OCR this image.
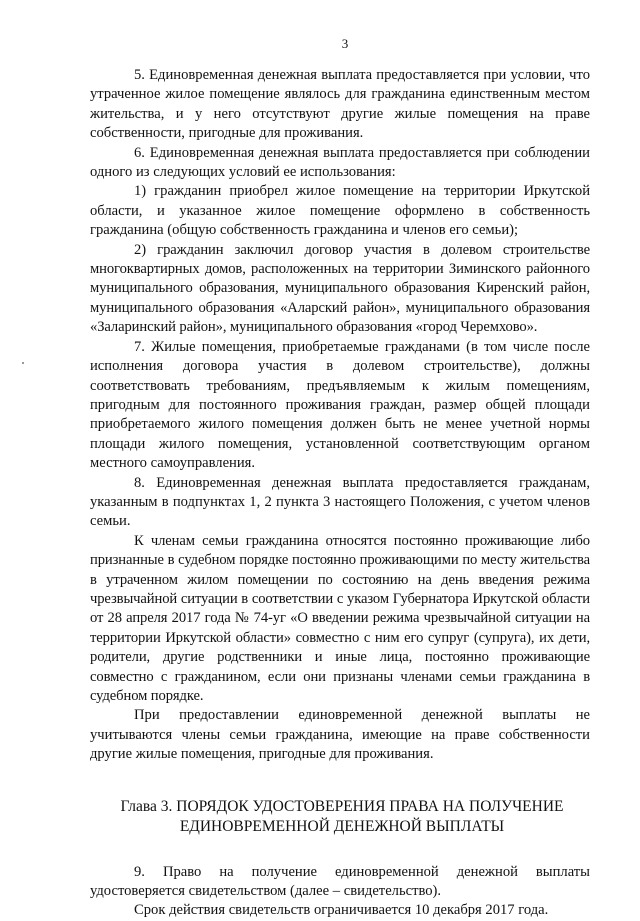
3

5. Единовременная денежная выплата предоставляется при условии, что утраченное жилое помещение являлось для гражданина единственным местом жительства, и у него отсутствуют другие жилые помещения на праве собственности, пригодные для проживания.

6. Единовременная денежная выплата предоставляется при соблюдении одного из следующих условий ее использования:

1) гражданин приобрел жилое помещение на территории Иркутской области, и указанное жилое помещение оформлено в собственность гражданина (общую собственность гражданина и членов его семьи);

2) гражданин заключил договор участия в долевом строительстве многоквартирных домов, расположенных на территории Зиминского районного муниципального образования, муниципального образования Киренский район, муниципального образования «Аларский район», муниципального образования «Заларинский район», муниципального образования «город Черемхово».

7. Жилые помещения, приобретаемые гражданами (в том числе после исполнения договора участия в долевом строительстве), должны соответствовать требованиям, предъявляемым к жилым помещениям, пригодным для постоянного проживания граждан, размер общей площади приобретаемого жилого помещения должен быть не менее учетной нормы площади жилого помещения, установленной соответствующим органом местного самоуправления.

8. Единовременная денежная выплата предоставляется гражданам, указанным в подпунктах 1, 2 пункта 3 настоящего Положения, с учетом членов семьи.

К членам семьи гражданина относятся постоянно проживающие либо признанные в судебном порядке постоянно проживающими по месту жительства в утраченном жилом помещении по состоянию на день введения режима чрезвычайной ситуации в соответствии с указом Губернатора Иркутской области от 28 апреля 2017 года № 74-уг «О введении режима чрезвычайной ситуации на территории Иркутской области» совместно с ним его супруг (супруга), их дети, родители, другие родственники и иные лица, постоянно проживающие совместно с гражданином, если они признаны членами семьи гражданина в судебном порядке.

При предоставлении единовременной денежной выплаты не учитываются члены семьи гражданина, имеющие на праве собственности другие жилые помещения, пригодные для проживания.

Глава 3. ПОРЯДОК УДОСТОВЕРЕНИЯ ПРАВА НА ПОЛУЧЕНИЕ
ЕДИНОВРЕМЕННОЙ ДЕНЕЖНОЙ ВЫПЛАТЫ

9. Право на получение единовременной денежной выплаты удостоверяется свидетельством (далее – свидетельство).

Срок действия свидетельств ограничивается 10 декабря 2017 года.
